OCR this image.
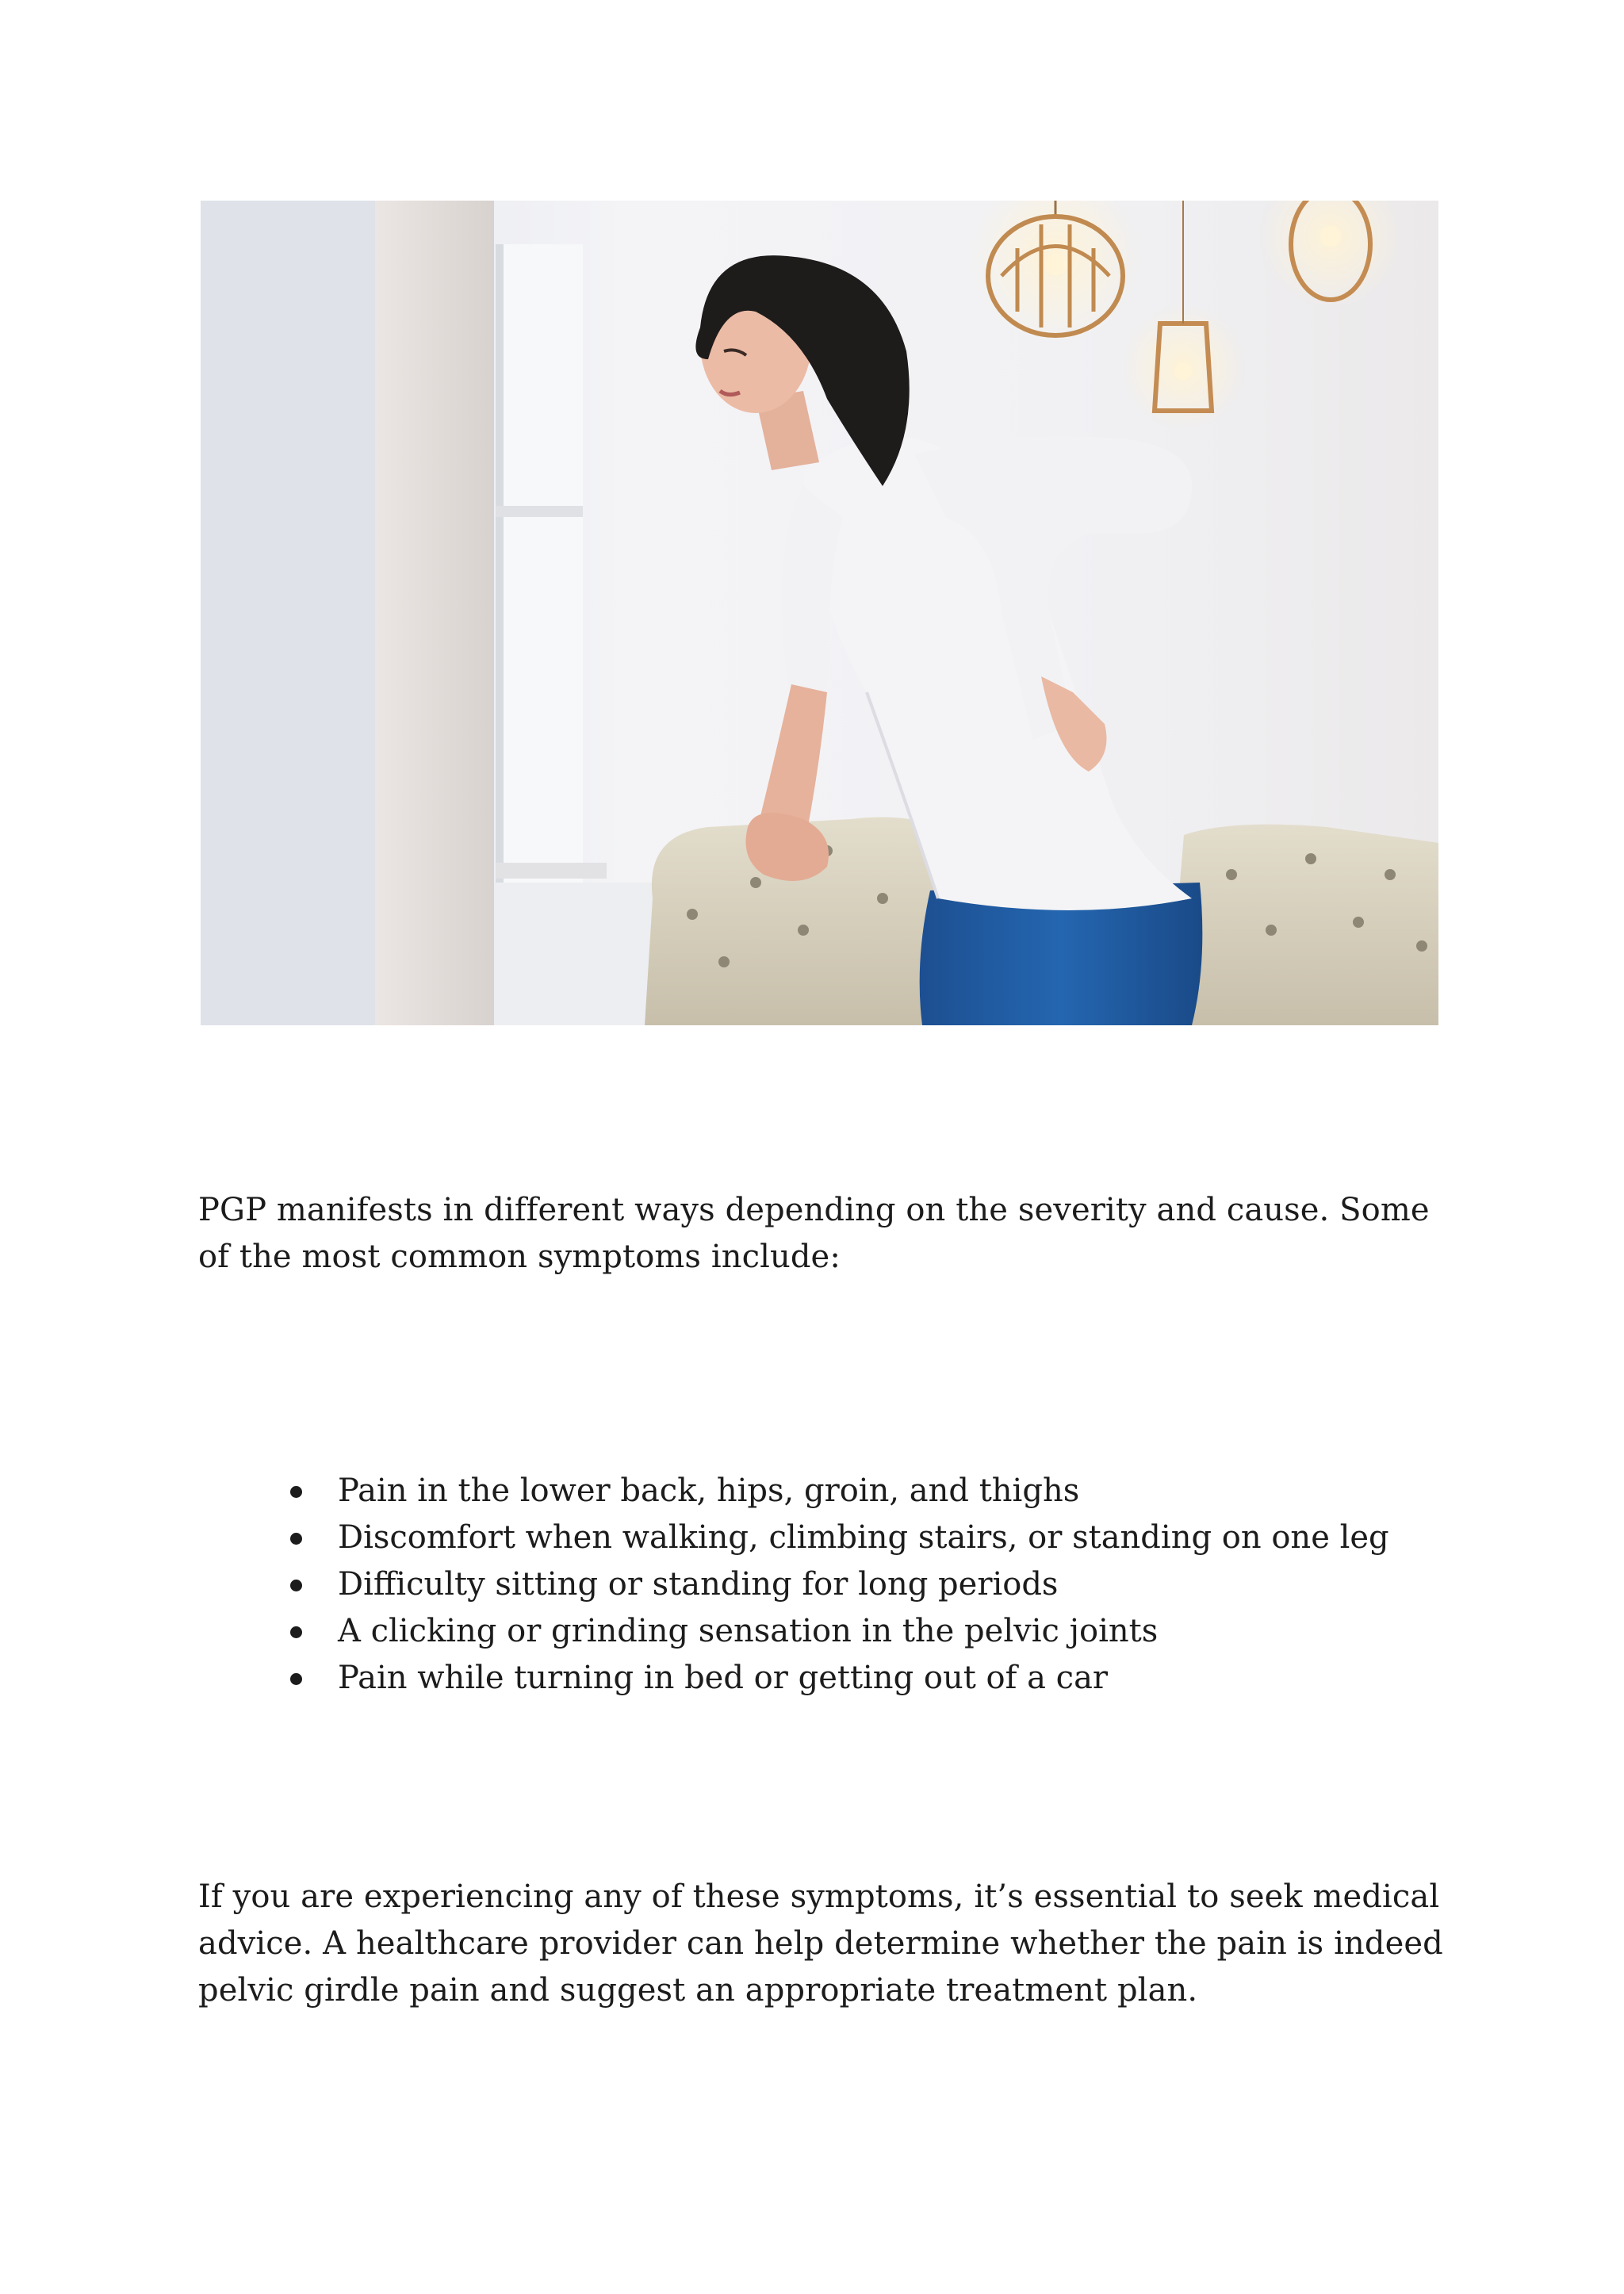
PGP manifests in different ways depending on the severity and cause. Some of the most common symptoms include:

Pain in the lower back, hips, groin, and thighs
Discomfort when walking, climbing stairs, or standing on one leg
Difficulty sitting or standing for long periods
A clicking or grinding sensation in the pelvic joints
Pain while turning in bed or getting out of a car

If you are experiencing any of these symptoms, it’s essential to seek medical advice. A healthcare provider can help determine whether the pain is indeed pelvic girdle pain and suggest an appropriate treatment plan.
